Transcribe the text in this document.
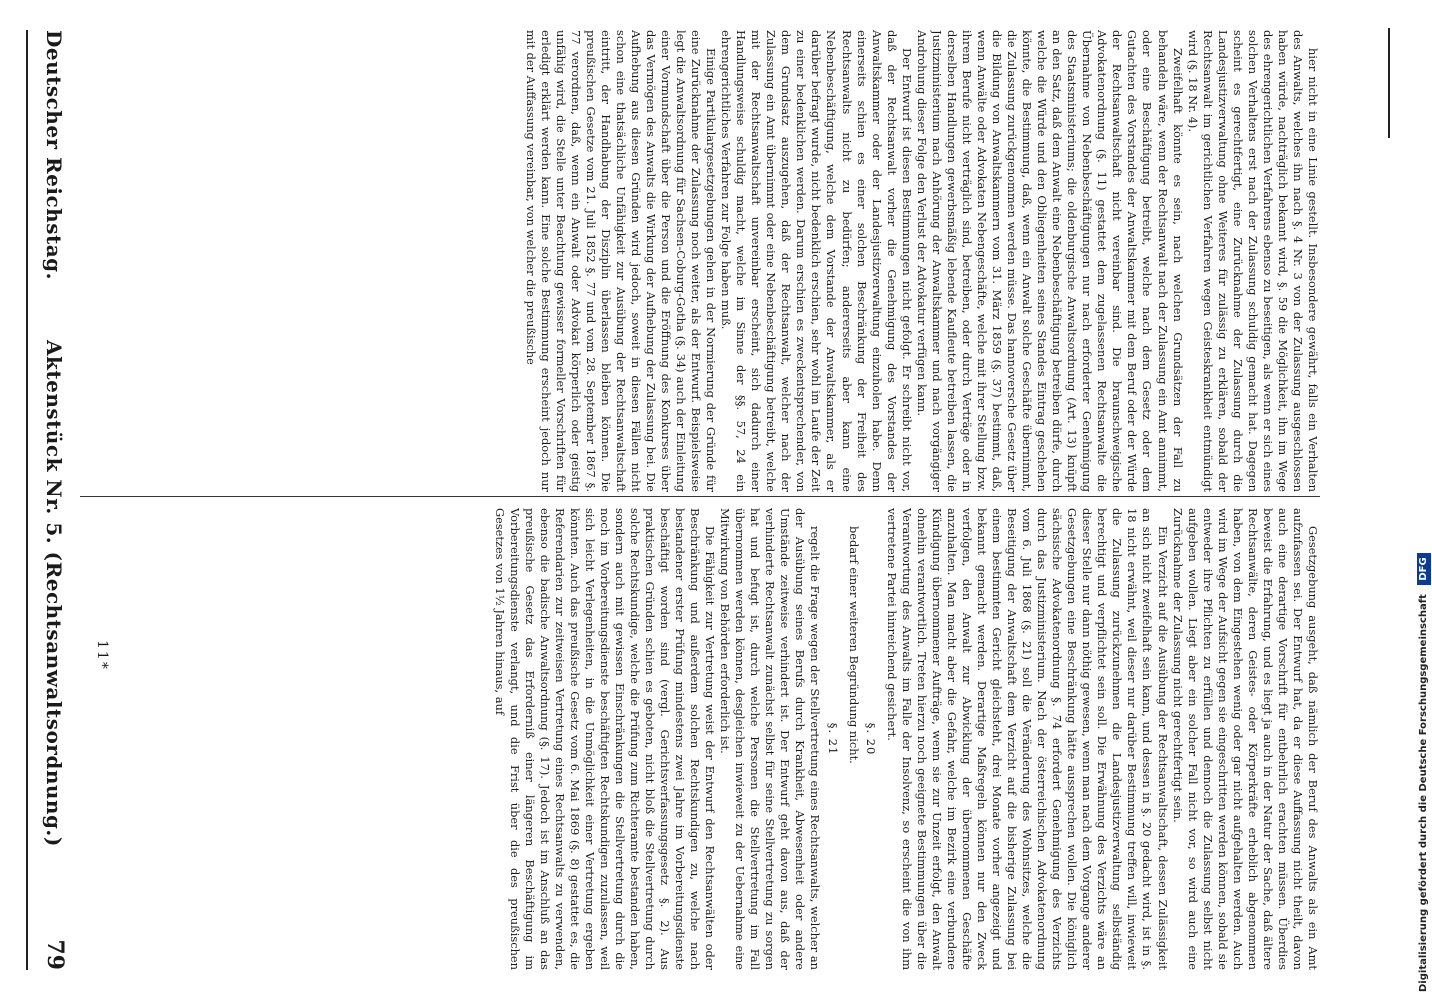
hier nicht in eine Linie gestellt. Insbesondere gewährt, falls ein Verhalten des Anwalts, welches ihn nach §. 4 Nr. 3 von der Zulassung ausgeschlossen haben würde, nachträglich bekannt wird, §. 59 die Möglichkeit, ihn im Wege des ehrengerichtlichen Verfahrens ebenso zu beseitigen, als wenn er sich eines solchen Verhaltens erst nach der Zulassung schuldig gemacht hat. Dagegen scheint es gerechtfertigt, eine Zurücknahme der Zulassung durch die Landesjustizverwaltung ohne Weiteres für zulässig zu erklären, sobald der Rechtsanwalt im gerichtlichen Verfahren wegen Geisteskrankheit entmündigt wird (§. 18 Nr. 4).

Zweifelhaft könnte es sein, nach welchen Grundsätzen der Fall zu behandeln wäre, wenn der Rechtsanwalt nach der Zulassung ein Amt annimmt, oder eine Beschäftigung betreibt, welche nach dem Gesetz oder dem Gutachten des Vorstandes der Anwaltskammer mit dem Beruf oder der Würde der Rechtsanwaltschaft nicht vereinbar sind. Die braunschweigische Advokatenordnung (§. 11) gestattet dem zugelassenen Rechtsanwalte die Übernahme von Nebenbeschäftigungen nur nach erforderter Genehmigung des Staatsministeriums; die oldenburgische Anwaltsordnung (Art. 13) knüpft an den Satz, daß dem Anwalt eine Nebenbeschäftigung betreiben dürfe, durch welche die Würde und den Obliegenheiten seines Standes Eintrag geschehen könnte, die Bestimmung, daß, wenn ein Anwalt solche Geschäfte übernimmt, die Zulassung zurückgenommen werden müsse. Das hannoversche Gesetz über die Bildung von Anwaltskammern vom 31. März 1859 (§. 37) bestimmt, daß, wenn Anwälte oder Advokaten Nebengeschäfte, welche mit ihrer Stellung bzw. ihrem Berufe nicht verträglich sind, betreiben, oder durch Verträge oder in derselben Handlungen gewerbsmäßig lebende Kaufleute betreiben lassen, die Justizministerium nach Anhörung der Anwaltskammer und nach vorgängiger Androhung dieser Folge den Verlust der Advokatur verfügen kann.

Der Entwurf ist diesen Bestimmungen nicht gefolgt. Er schreibt nicht vor, daß der Rechtsanwalt vorher die Genehmigung des Vorstandes der Anwaltskammer oder der Landesjustizverwaltung einzuholen habe. Denn einerseits schien es einer solchen Beschränkung der Freiheit des Rechtsanwalts nicht zu bedürfen; andererseits aber kann eine Nebenbeschäftigung, welche dem Vorstande der Anwaltskammer, als er darüber befragt wurde, nicht bedenklich erschien, sehr wohl im Laufe der Zeit zu einer bedenklichen werden. Darum erschien es zweckentsprechender, von dem Grundsatz auszugehen, daß der Rechtsanwalt, welcher nach der Zulassung ein Amt übernimmt oder eine Nebenbeschäftigung betreibt, welche mit der Rechtsanwaltschaft unvereinbar erscheint, sich dadurch einer Handlungsweise schuldig macht, welche im Sinne der §§. 57, 24 ein ehrengerichtliches Verfahren zur Folge haben muß.

Einige Partikulargesetzgebungen gehen in der Normierung der Gründe für eine Zurücknahme der Zulassung noch weiter, als der Entwurf. Beispielsweise legt die Anwaltsordnung für Sachsen-Coburg-Gotha (§. 34) auch der Einleitung einer Vormundschaft über die Person und die Eröffnung des Konkurses über das Vermögen des Anwalts die Wirkung der Aufhebung der Zulassung bei. Die Aufhebung aus diesen Gründen wird jedoch, soweit in diesen Fällen nicht schon eine thatsächliche Unfähigkeit zur Ausübung der Rechtsanwaltschaft eintritt, der Handhabung der Disziplin überlassen bleiben können. Die preußischen Gesetze vom 21. Juli 1852 §. 77 und vom 28. September 1867 §. 77 verordnen, daß, wenn ein Anwalt oder Advokat körperlich oder geistig unfähig wird, die Stelle unter Beachtung gewisser formeller Vorschriften für erledigt erklärt werden kann. Eine solche Bestimmung erscheint jedoch nur mit der Auffassung vereinbar, von welcher die preußische

Gesetzgebung ausgeht, daß nämlich der Beruf des Anwalts als ein Amt aufzufassen sei. Der Entwurf hat, da er diese Auffassung nicht theilt, davon auch eine derartige Vorschrift für entbehrlich erachten müssen. Überdies beweist die Erfahrung, und es liegt ja auch in der Natur der Sache, daß ältere Rechtsanwälte, deren Geistes- oder Körperkräfte erheblich abgenommen haben, von dem Eingestehen wenig oder gar nicht aufgehalten werden. Auch wird im Wege der Aufsicht gegen sie eingeschritten werden können, sobald sie entweder ihre Pflichten zu erfüllen und dennoch die Zulassung selbst nicht aufgeben wollen. Liegt aber ein solcher Fall nicht vor, so wird auch eine Zurücknahme der Zulassung nicht gerechtfertigt sein.

Ein Verzicht auf die Ausübung der Rechtsanwaltschaft, dessen Zulässigkeit an sich nicht zweifelhaft sein kann, und dessen in §. 20 gedacht wird, ist in §. 18 nicht erwähnt, weil dieser nur darüber Bestimmung treffen will, inwieweit die Zulassung zurückzunehmen die Landesjustizverwaltung selbständig berechtigt und verpflichtet sein soll. Die Erwähnung des Verzichts wäre an dieser Stelle nur dann nöthig gewesen, wenn man nach dem Vorgange anderer Gesetzgebungen eine Beschränkung hätte aussprechen wollen. Die königlich sächsische Advokatenordnung §. 74 erfordert Genehmigung des Verzichts durch das Justizministerium. Nach der österreichischen Advokatenordnung vom 6. Juli 1868 (§. 21) soll die Veränderung des Wohnsitzes, welche die Beseitigung der Anwaltschaft dem Verzicht auf die bisherige Zulassung bei einem bestimmten Gericht gleichsteht, drei Monate vorher angezeigt und bekannt gemacht werden. Derartige Maßregeln können nur den Zweck verfolgen, den Anwalt zur Abwicklung der übernommenen Geschäfte anzuhalten. Man macht aber die Gefahr, welche im Bezirk eine verbundene Kündigung übernommener Aufträge, wenn sie zur Unzeit erfolgt, den Anwalt ohnehin verantwortlich. Treten hierzu noch geeignete Bestimmungen über die Verantwortung des Anwalts im Falle der Insolvenz, so erscheint die von ihm vertretene Partei hinreichend gesichert.

§. 20

bedarf einer weiteren Begründung nicht.

§. 21

regelt die Frage wegen der Stellvertretung eines Rechtsanwalts, welcher an der Ausübung seines Berufs durch Krankheit, Abwesenheit oder andere Umstände zeitweise verhindert ist. Der Entwurf geht davon aus, daß der verhinderte Rechtsanwalt zunächst selbst für seine Stellvertretung zu sorgen hat und befugt ist, durch welche Personen die Stellvertretung im Fall übernommen werden können, desgleichen inwieweit zu der Uebernahme eine Mitwirkung von Behörden erforderlich ist.

Die Fähigkeit zur Vertretung weist der Entwurf den Rechtsanwälten oder Beschränkung und außerdem solchen Rechtskundigen zu, welche nach bestandener erster Prüfung mindestens zwei Jahre im Vorbereitungsdienste beschäftigt worden sind (vergl. Gerichtsverfassungsgesetz §. 2). Aus praktischen Gründen schien es geboten, nicht bloß die Stellvertretung durch solche Rechtskundige, welche die Prüfung zum Richteramte bestanden haben, sondern auch mit gewissen Einschränkungen die Stellvertretung durch die noch im Vorbereitungsdienste beschäftigten Rechtskundigen zuzulassen, weil sich leicht Verlegenheiten, in die Unmöglichkeit einer Vertretung ergeben könnten. Auch das preußische Gesetz vom 6. Mai 1869 (§. 8) gestattet es, die Referendarien zur zeitweisen Vertretung eines Rechtsanwalts zu verwenden, ebenso die badische Anwaltsordnung (§. 17). Jedoch ist im Anschluß an das preußische Gesetz das Erforderniß einer längeren Beschäftigung im Vorbereitungsdienste verlangt, und die Frist über die des preußischen Gesetzes von 1½ Jahren hinaus, auf

11*
Deutscher Reichstag.
Aktenstück Nr. 5. (Rechtsanwaltsordnung.)
79	Digitalisierung gefördert durch die Deutsche Forschungsgemeinschaft DFG
